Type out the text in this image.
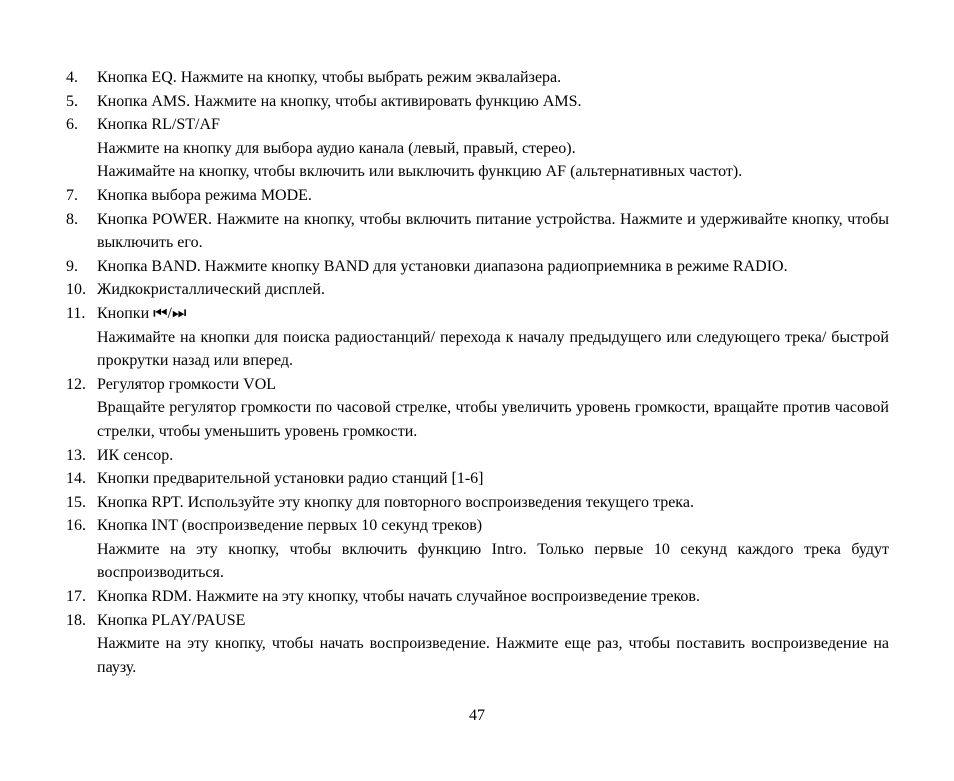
4. Кнопка EQ. Нажмите на кнопку, чтобы выбрать режим эквалайзера.
5. Кнопка AMS. Нажмите на кнопку, чтобы активировать функцию AMS.
6. Кнопка RL/ST/AF
Нажмите на кнопку для выбора аудио канала (левый, правый, стерео).
Нажимайте на кнопку, чтобы включить или выключить функцию AF (альтернативных частот).
7. Кнопка выбора режима MODE.
8. Кнопка POWER. Нажмите на кнопку, чтобы включить питание устройства. Нажмите и удерживайте кнопку, чтобы выключить его.
9. Кнопка BAND. Нажмите кнопку BAND для установки диапазона радиоприемника в режиме RADIO.
10. Жидкокристаллический дисплей.
11. Кнопки ⏮/⏭
Нажимайте на кнопки для поиска радиостанций/ перехода к началу предыдущего или следующего трека/ быстрой прокрутки назад или вперед.
12. Регулятор громкости VOL
Вращайте регулятор громкости по часовой стрелке, чтобы увеличить уровень громкости, вращайте против часовой стрелки, чтобы уменьшить уровень громкости.
13. ИК сенсор.
14. Кнопки предварительной установки радио станций [1-6]
15. Кнопка RPT. Используйте эту кнопку для повторного воспроизведения текущего трека.
16. Кнопка INT (воспроизведение первых 10 секунд треков)
Нажмите на эту кнопку, чтобы включить функцию Intro. Только первые 10 секунд каждого трека будут воспроизводиться.
17. Кнопка RDM. Нажмите на эту кнопку, чтобы начать случайное воспроизведение треков.
18. Кнопка PLAY/PAUSE
Нажмите на эту кнопку, чтобы начать воспроизведение. Нажмите еще раз, чтобы поставить воспроизведение на паузу.
47
